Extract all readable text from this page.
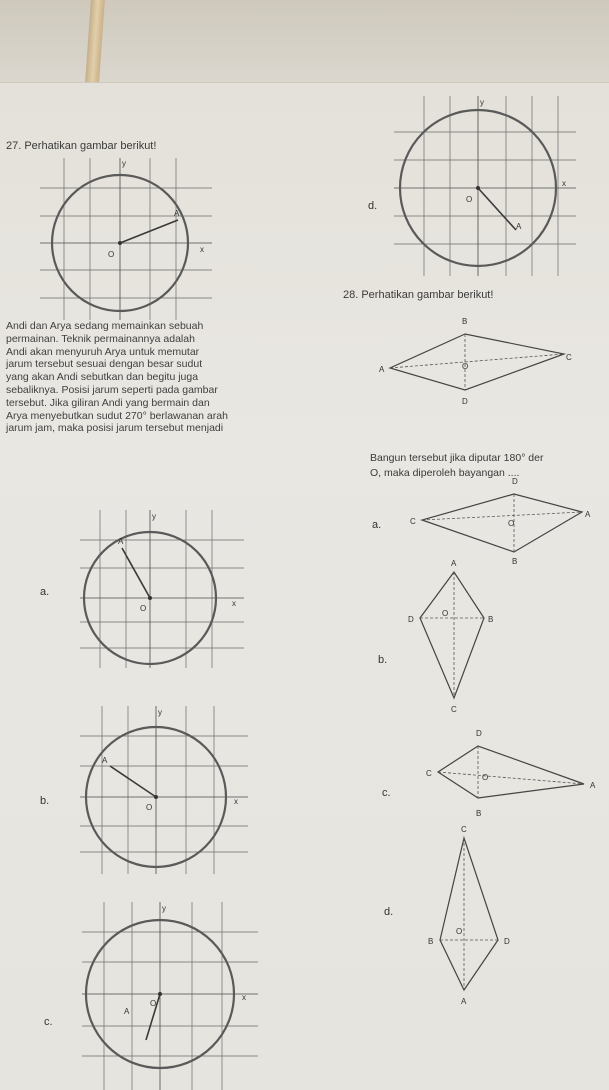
27. Perhatikan gambar berikut!
O
y
x
A
d.
O
y
x
A
Andi dan Arya sedang memainkan sebuah
permainan. Teknik permainannya adalah
Andi akan menyuruh Arya untuk memutar
jarum tersebut sesuai dengan besar sudut
yang akan Andi sebutkan dan begitu juga
sebaliknya. Posisi jarum seperti pada gambar
tersebut. Jika giliran Andi yang bermain dan
Arya menyebutkan sudut 270° berlawanan arah
jarum jam, maka posisi jarum tersebut menjadi
a.
O
y
x
A
b.
O
y
x
A
c.
O
y
x
A
28. Perhatikan gambar berikut!
B
A
C
D
O
Bangun tersebut jika diputar 180° der
O, maka diperoleh bayangan ....
a.
D
C
A
B
O
b.
A
D	B
C
O
c.
D
C
A
B
O
d.
C
B	D
A
O
